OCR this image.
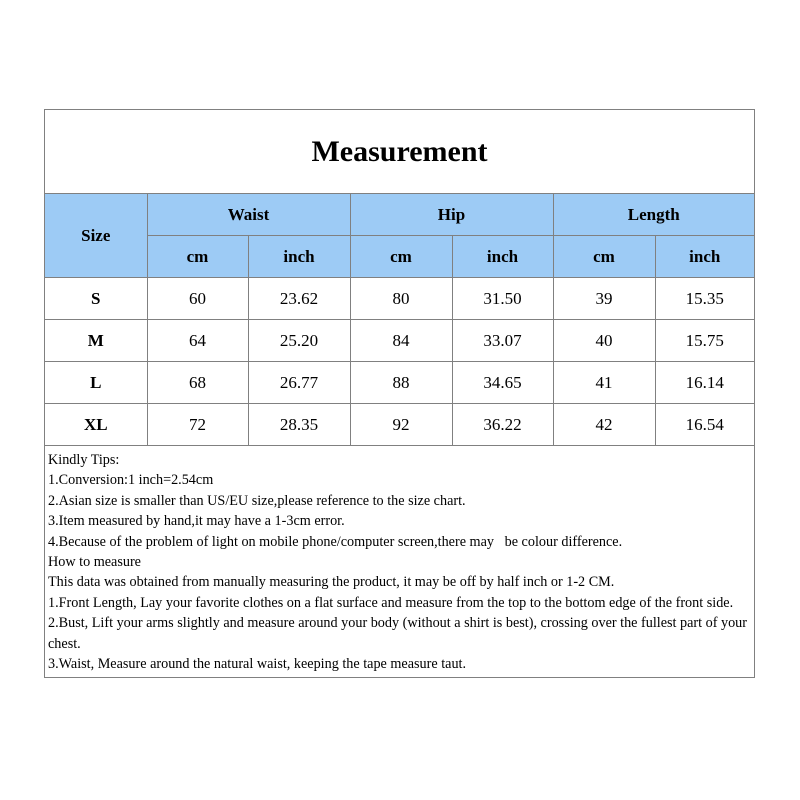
Measurement
Size	Waist		Hip		Length	
	cm	inch	cm	inch	cm	inch
S	60	23.62	80	31.50	39	15.35
M	64	25.20	84	33.07	40	15.75
L	68	26.77	88	34.65	41	16.14
XL	72	28.35	92	36.22	42	16.54
Kindly Tips:
1.Conversion:1 inch=2.54cm
2.Asian size is smaller than US/EU size,please reference to the size chart.
3.Item measured by hand,it may have a 1-3cm error.
4.Because of the problem of light on mobile phone/computer screen,there may   be colour difference.
How to measure
This data was obtained from manually measuring the product, it may be off by half inch or 1-2 CM.
1.Front Length, Lay your favorite clothes on a flat surface and measure from the top to the bottom edge of the front side.
2.Bust, Lift your arms slightly and measure around your body (without a shirt is best), crossing over the fullest part of your chest.
3.Waist, Measure around the natural waist, keeping the tape measure taut.
